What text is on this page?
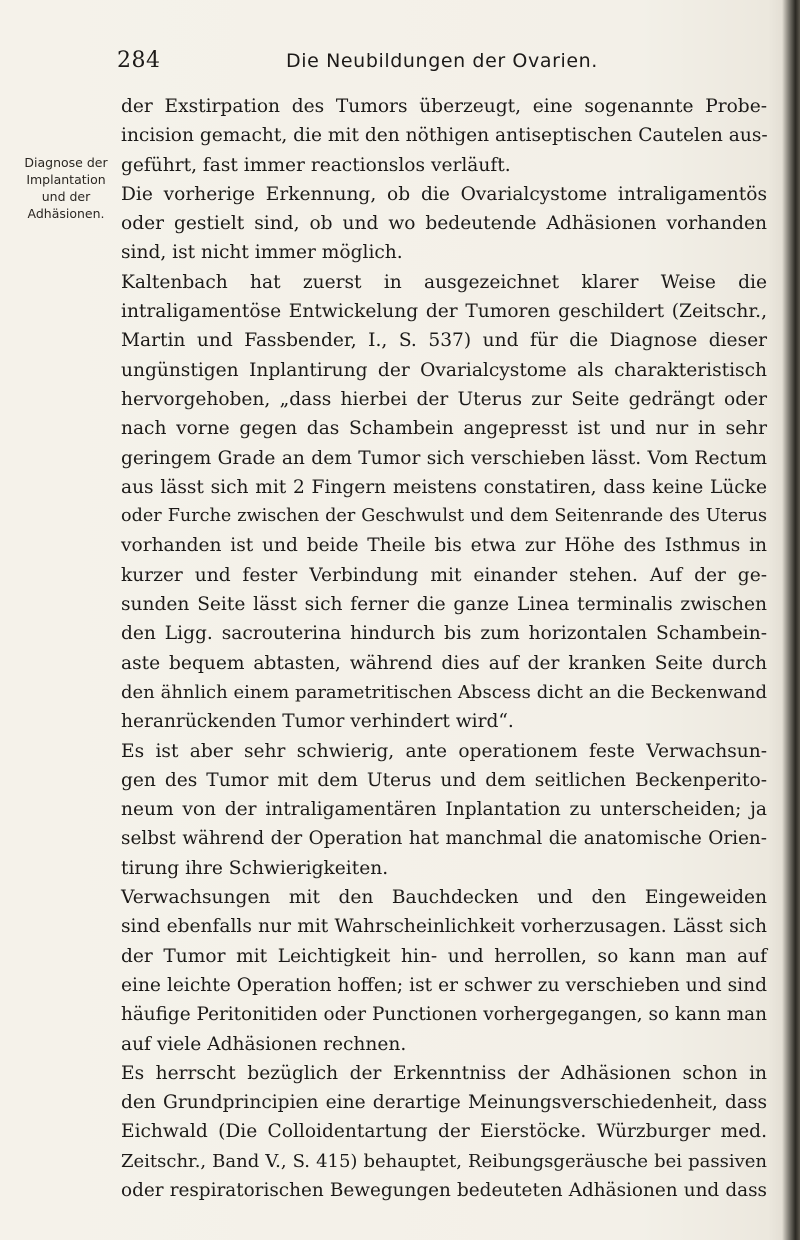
284	Die Neubildungen der Ovarien.
Diagnose der
Implantation
und der
Adhäsionen.
der Exstirpation des Tumors überzeugt, eine sogenannte Probe-
incision gemacht, die mit den nöthigen antiseptischen Cautelen aus-
geführt, fast immer reactionslos verläuft.
Die vorherige Erkennung, ob die Ovarialcystome intraligamentös
oder gestielt sind, ob und wo bedeutende Adhäsionen vorhanden
sind, ist nicht immer möglich.
Kaltenbach hat zuerst in ausgezeichnet klarer Weise die
intraligamentöse Entwickelung der Tumoren geschildert (Zeitschr.,
Martin und Fassbender, I., S. 537) und für die Diagnose dieser
ungünstigen Inplantirung der Ovarialcystome als charakteristisch
hervorgehoben, „dass hierbei der Uterus zur Seite gedrängt oder
nach vorne gegen das Schambein angepresst ist und nur in sehr
geringem Grade an dem Tumor sich verschieben lässt. Vom Rectum
aus lässt sich mit 2 Fingern meistens constatiren, dass keine Lücke
oder Furche zwischen der Geschwulst und dem Seitenrande des Uterus
vorhanden ist und beide Theile bis etwa zur Höhe des Isthmus in
kurzer und fester Verbindung mit einander stehen. Auf der ge-
sunden Seite lässt sich ferner die ganze Linea terminalis zwischen
den Ligg. sacrouterina hindurch bis zum horizontalen Schambein-
aste bequem abtasten, während dies auf der kranken Seite durch
den ähnlich einem parametritischen Abscess dicht an die Beckenwand
heranrückenden Tumor verhindert wird“.
Es ist aber sehr schwierig, ante operationem feste Verwachsun-
gen des Tumor mit dem Uterus und dem seitlichen Beckenperito-
neum von der intraligamentären Inplantation zu unterscheiden; ja
selbst während der Operation hat manchmal die anatomische Orien-
tirung ihre Schwierigkeiten.
Verwachsungen mit den Bauchdecken und den Eingeweiden
sind ebenfalls nur mit Wahrscheinlichkeit vorherzusagen. Lässt sich
der Tumor mit Leichtigkeit hin- und herrollen, so kann man auf
eine leichte Operation hoffen; ist er schwer zu verschieben und sind
häufige Peritonitiden oder Punctionen vorhergegangen, so kann man
auf viele Adhäsionen rechnen.
Es herrscht bezüglich der Erkenntniss der Adhäsionen schon in
den Grundprincipien eine derartige Meinungsverschiedenheit, dass
Eichwald (Die Colloidentartung der Eierstöcke. Würzburger med.
Zeitschr., Band V., S. 415) behauptet, Reibungsgeräusche bei passiven
oder respiratorischen Bewegungen bedeuteten Adhäsionen und dass
